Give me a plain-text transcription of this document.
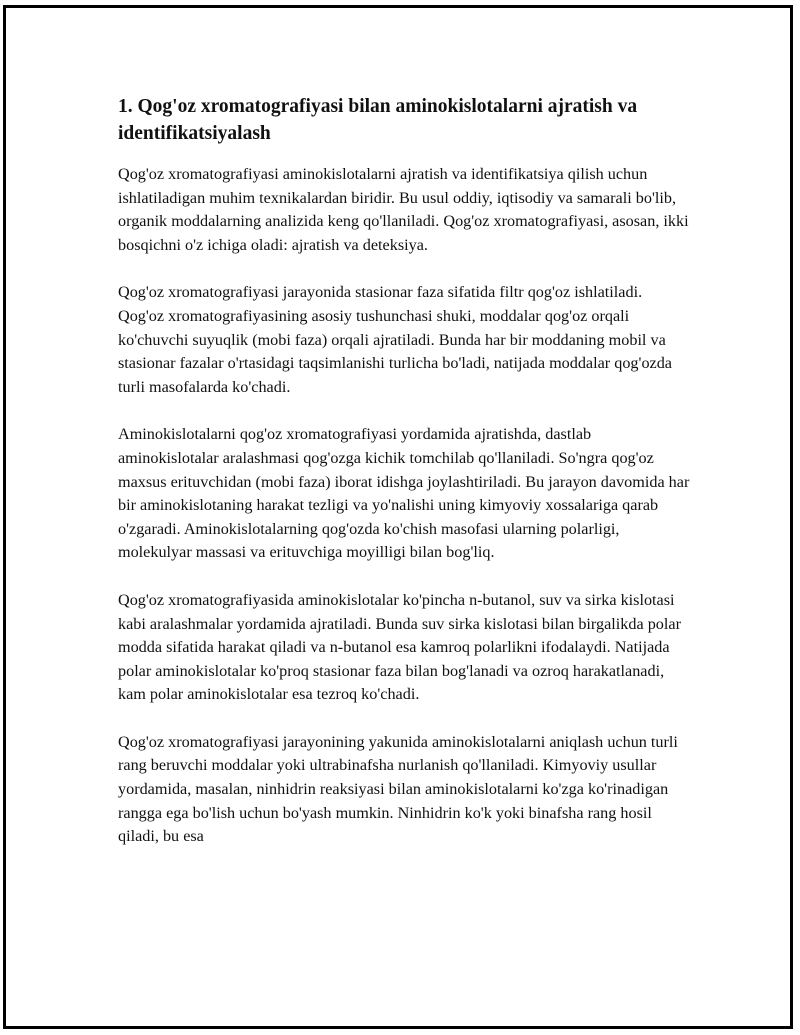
1. Qog'oz xromatografiyasi bilan aminokislotalarni ajratish va identifikatsiyalash

Qog'oz xromatografiyasi aminokislotalarni ajratish va identifikatsiya qilish uchun ishlatiladigan muhim texnikalardan biridir. Bu usul oddiy, iqtisodiy va samarali bo'lib, organik moddalarning analizida keng qo'llaniladi. Qog'oz xromatografiyasi, asosan, ikki bosqichni o'z ichiga oladi: ajratish va deteksiya.

Qog'oz xromatografiyasi jarayonida stasionar faza sifatida filtr qog'oz ishlatiladi. Qog'oz xromatografiyasining asosiy tushunchasi shuki, moddalar qog'oz orqali ko'chuvchi suyuqlik (mobi faza) orqali ajratiladi. Bunda har bir moddaning mobil va stasionar fazalar o'rtasidagi taqsimlanishi turlicha bo'ladi, natijada moddalar qog'ozda turli masofalarda ko'chadi.

Aminokislotalarni qog'oz xromatografiyasi yordamida ajratishda, dastlab aminokislotalar aralashmasi qog'ozga kichik tomchilab qo'llaniladi. So'ngra qog'oz maxsus erituvchidan (mobi faza) iborat idishga joylashtiriladi. Bu jarayon davomida har bir aminokislotaning harakat tezligi va yo'nalishi uning kimyoviy xossalariga qarab o'zgaradi. Aminokislotalarning qog'ozda ko'chish masofasi ularning polarligi, molekulyar massasi va erituvchiga moyilligi bilan bog'liq.

Qog'oz xromatografiyasida aminokislotalar ko'pincha n-butanol, suv va sirka kislotasi kabi aralashmalar yordamida ajratiladi. Bunda suv sirka kislotasi bilan birgalikda polar modda sifatida harakat qiladi va n-butanol esa kamroq polarlikni ifodalaydi. Natijada polar aminokislotalar ko'proq stasionar faza bilan bog'lanadi va ozroq harakatlanadi, kam polar aminokislotalar esa tezroq ko'chadi.

Qog'oz xromatografiyasi jarayonining yakunida aminokislotalarni aniqlash uchun turli rang beruvchi moddalar yoki ultrabinafsha nurlanish qo'llaniladi. Kimyoviy usullar yordamida, masalan, ninhidrin reaksiyasi bilan aminokislotalarni ko'zga ko'rinadigan rangga ega bo'lish uchun bo'yash mumkin. Ninhidrin ko'k yoki binafsha rang hosil qiladi, bu esa
